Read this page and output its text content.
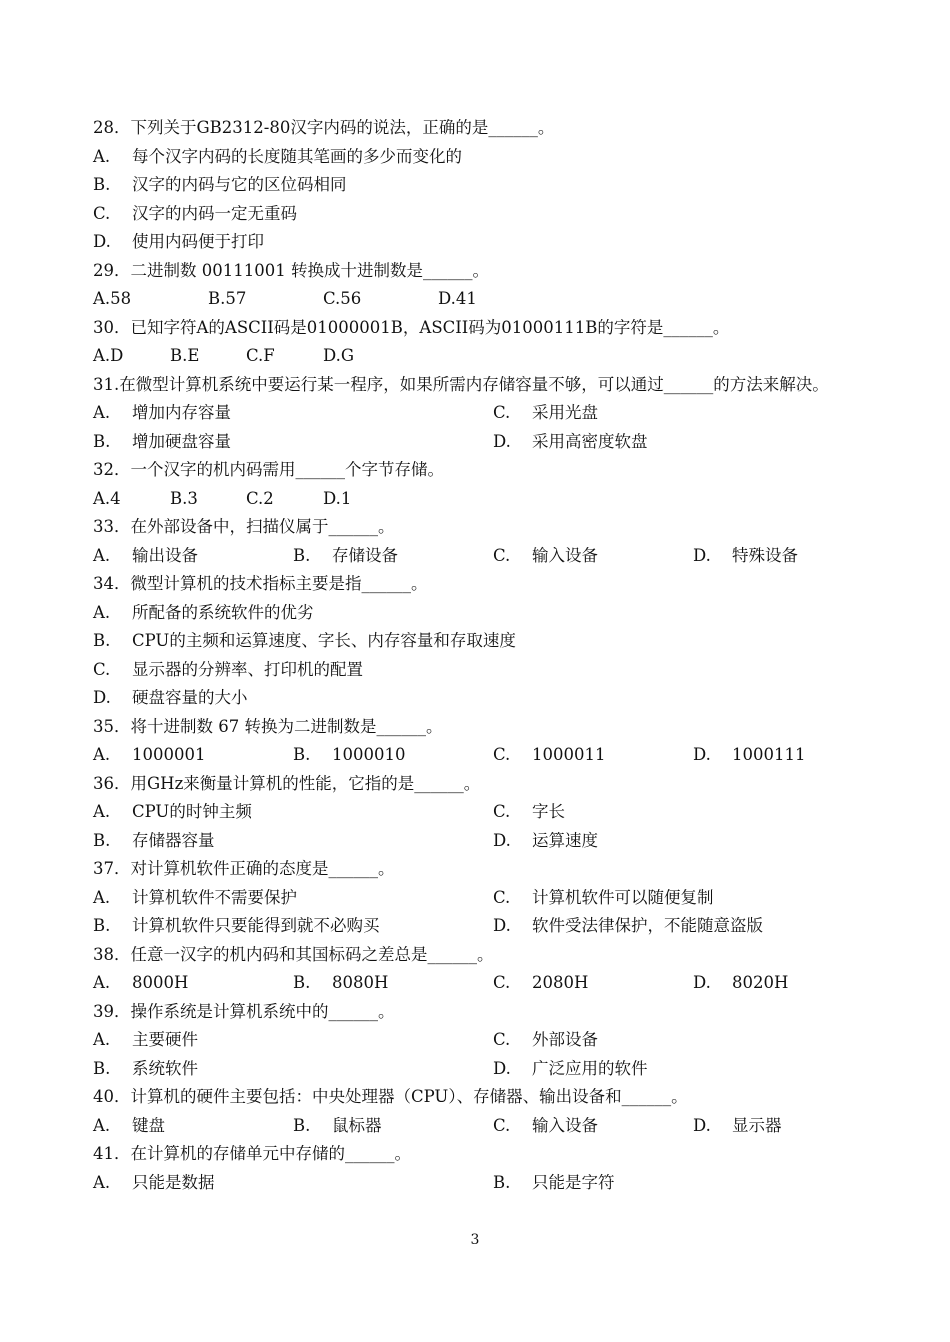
28．下列关于GB2312-80汉字内码的说法，正确的是______。
A. 每个汉字内码的长度随其笔画的多少而变化的
B. 汉字的内码与它的区位码相同
C. 汉字的内码一定无重码
D. 使用内码便于打印
29．二进制数 00111001 转换成十进制数是______。
A.58	B.57	C.56	D.41
30．已知字符A的ASCII码是01000001B，ASCII码为01000111B的字符是______。
A.D	B.E	C.F	D.G
31.在微型计算机系统中要运行某一程序，如果所需内存储容量不够，可以通过______的方法来解决。
A. 增加内存容量	C. 采用光盘
B. 增加硬盘容量	D. 采用高密度软盘
32．一个汉字的机内码需用______个字节存储。
A.4	B.3	C.2	D.1
33．在外部设备中，扫描仪属于______。
A. 输出设备	B. 存储设备	C. 输入设备	D. 特殊设备
34．微型计算机的技术指标主要是指______。
A. 所配备的系统软件的优劣
B. CPU的主频和运算速度、字长、内存容量和存取速度
C. 显示器的分辨率、打印机的配置
D. 硬盘容量的大小
35．将十进制数 67 转换为二进制数是______。
A. 1000001	B. 1000010	C. 1000011	D. 1000111
36．用GHz来衡量计算机的性能，它指的是______。
A. CPU的时钟主频	C. 字长
B. 存储器容量	D. 运算速度
37．对计算机软件正确的态度是______。
A. 计算机软件不需要保护	C. 计算机软件可以随便复制
B. 计算机软件只要能得到就不必购买	D. 软件受法律保护，不能随意盗版
38．任意一汉字的机内码和其国标码之差总是______。
A. 8000H	B. 8080H	C. 2080H	D. 8020H
39．操作系统是计算机系统中的______。
A. 主要硬件	C. 外部设备
B. 系统软件	D. 广泛应用的软件
40．计算机的硬件主要包括：中央处理器（CPU）、存储器、输出设备和______。
A. 键盘	B. 鼠标器	C. 输入设备	D. 显示器
41．在计算机的存储单元中存储的______。
A. 只能是数据	B. 只能是字符
3
